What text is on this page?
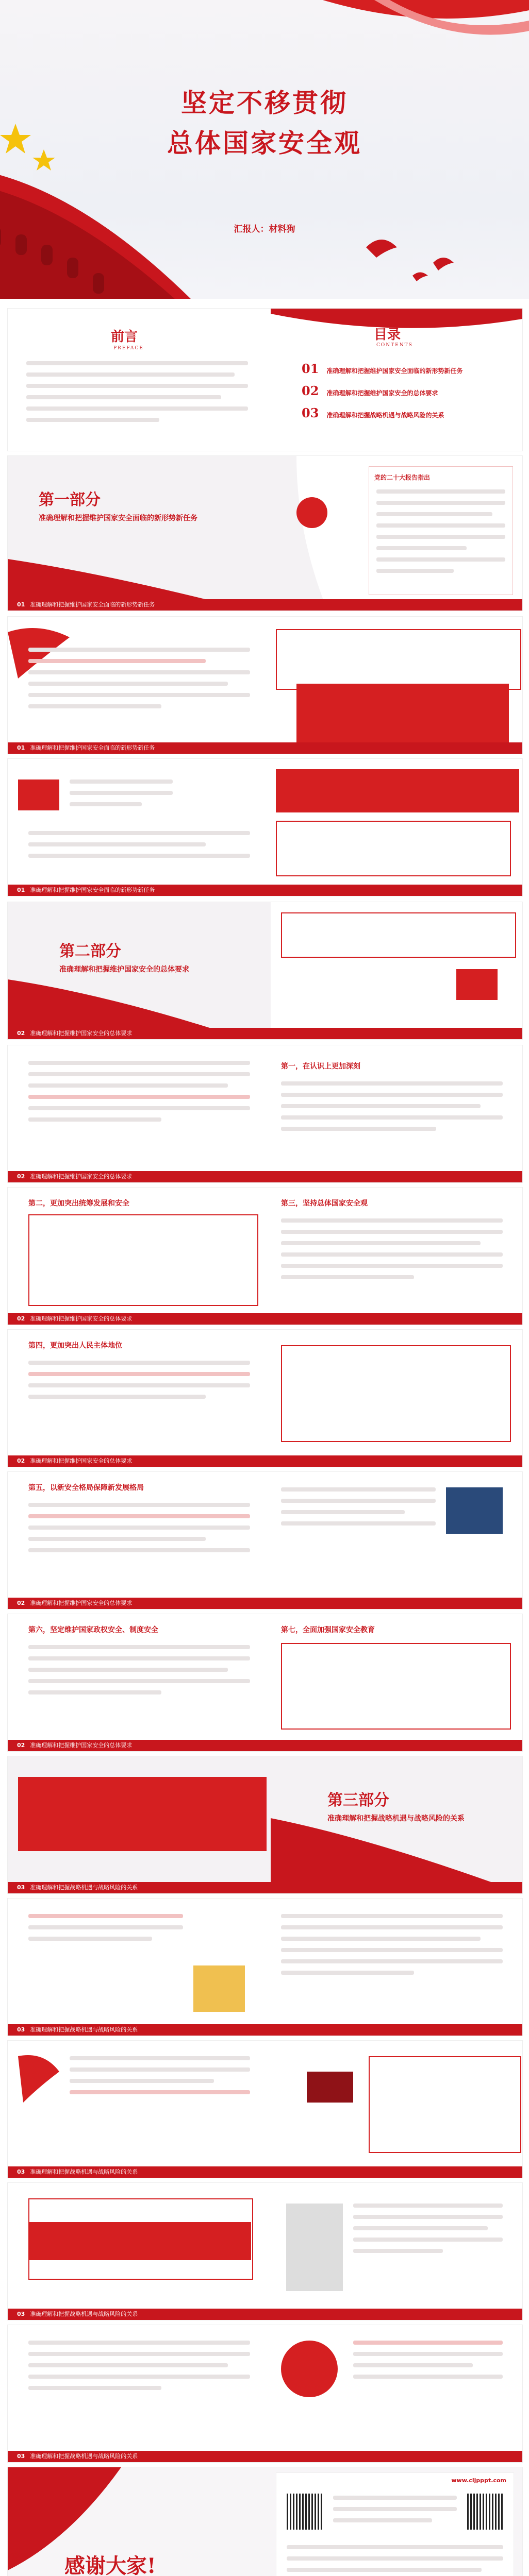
坚定不移贯彻
总体国家安全观
汇报人：材料狗
前言
PREFACE
目录
CONTENTS
01 准确理解和把握维护国家安全面临的新形势新任务
02 准确理解和把握维护国家安全的总体要求
03 准确理解和把握战略机遇与战略风险的关系
第一部分
准确理解和把握维护国家安全面临的新形势新任务
党的二十大报告指出
01 准确理解和把握维护国家安全面临的新形势新任务
01 准确理解和把握维护国家安全面临的新形势新任务
01 准确理解和把握维护国家安全面临的新形势新任务
第二部分
准确理解和把握维护国家安全的总体要求
02 准确理解和把握维护国家安全的总体要求
第一，在认识上更加深刻
02 准确理解和把握维护国家安全的总体要求
第二，更加突出统筹发展和安全	第三，坚持总体国家安全观
02 准确理解和把握维护国家安全的总体要求
第四，更加突出人民主体地位
02 准确理解和把握维护国家安全的总体要求
第五，以新安全格局保障新发展格局
02 准确理解和把握维护国家安全的总体要求
第六，坚定维护国家政权安全、制度安全	第七，全面加强国家安全教育
02 准确理解和把握维护国家安全的总体要求
第三部分
准确理解和把握战略机遇与战略风险的关系
03 准确理解和把握战略机遇与战略风险的关系
03 准确理解和把握战略机遇与战略风险的关系
03 准确理解和把握战略机遇与战略风险的关系
03 准确理解和把握战略机遇与战略风险的关系
03 准确理解和把握战略机遇与战略风险的关系
感谢大家!
www.cljpppt.com
